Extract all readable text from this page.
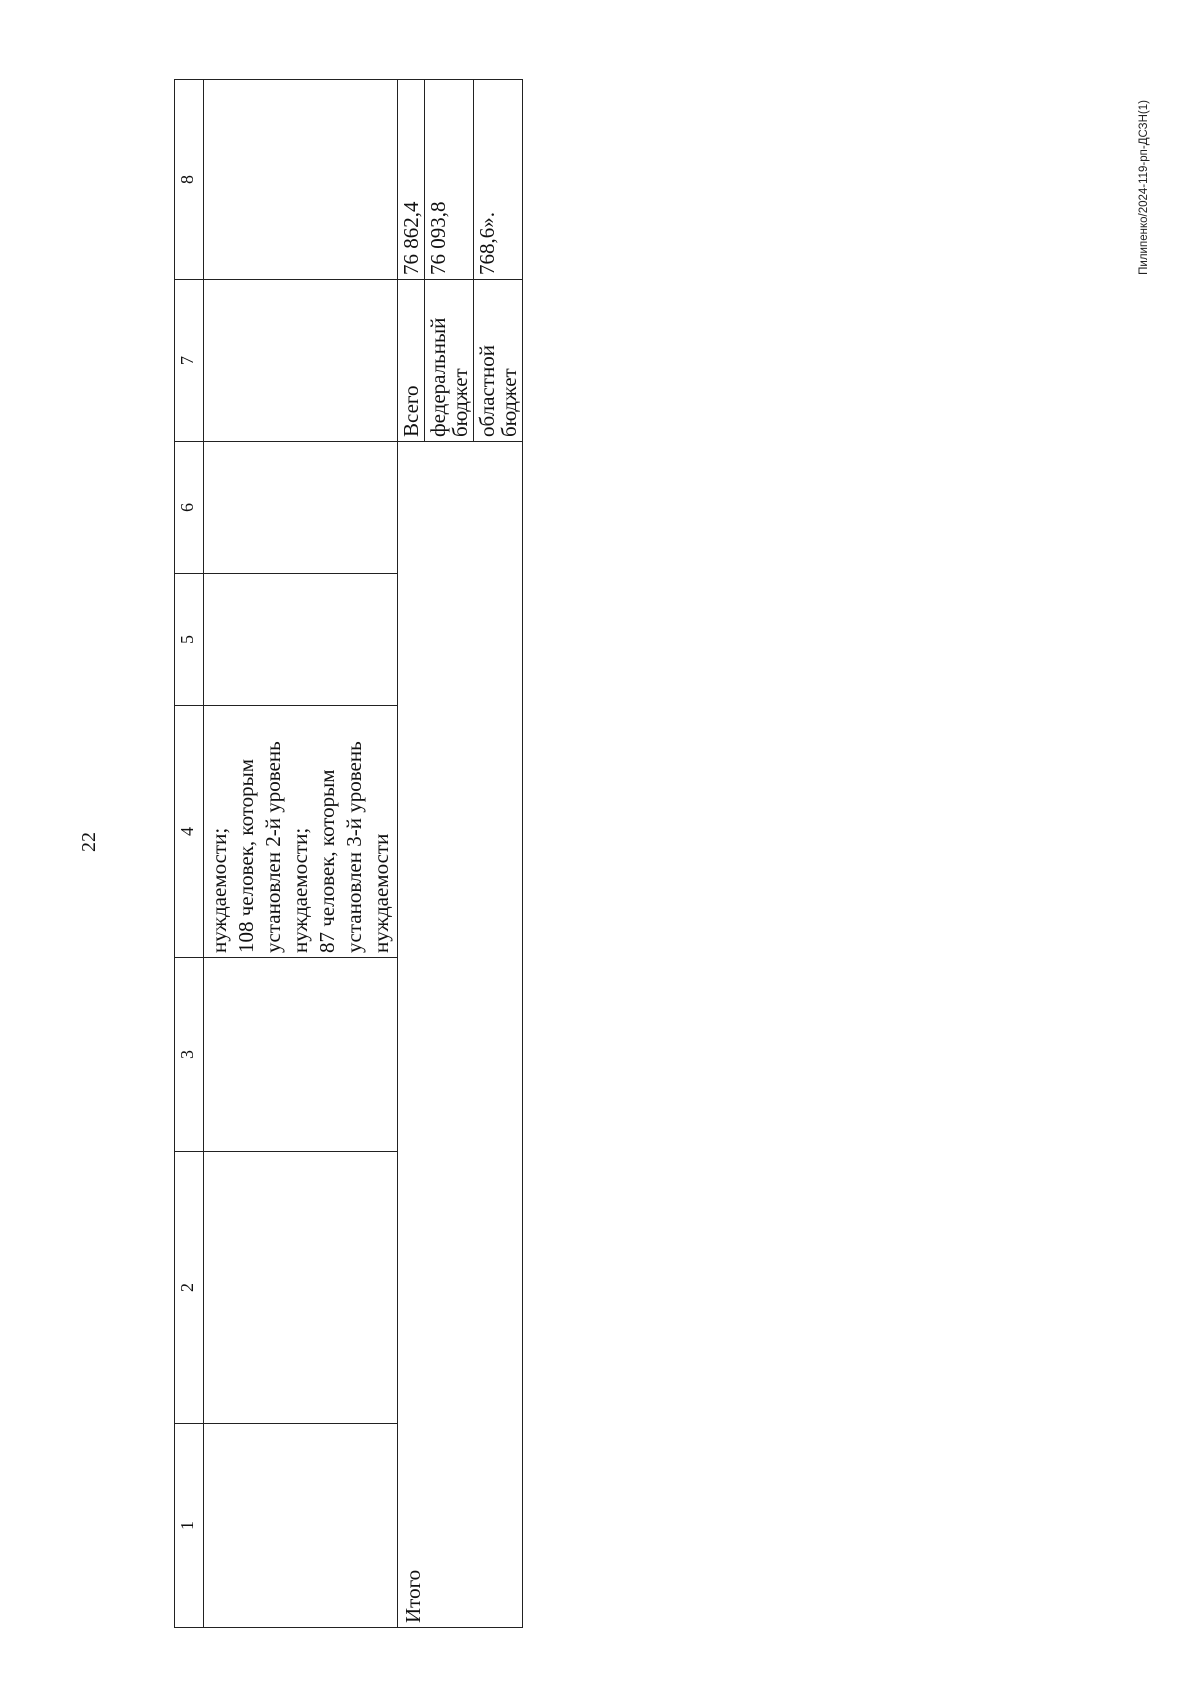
22
1	2	3	4	5	6	7	8
			нуждаемости;
108 человек, которым установлен 2-й уровень нуждаемости;
87 человек, которым установлен 3-й уровень нуждаемости				
Итого						Всего	76 862,4
						федеральный бюджет	76 093,8
						областной бюджет	768,6».	Пилипенко/2024-119-рп-ДСЗН(1)
